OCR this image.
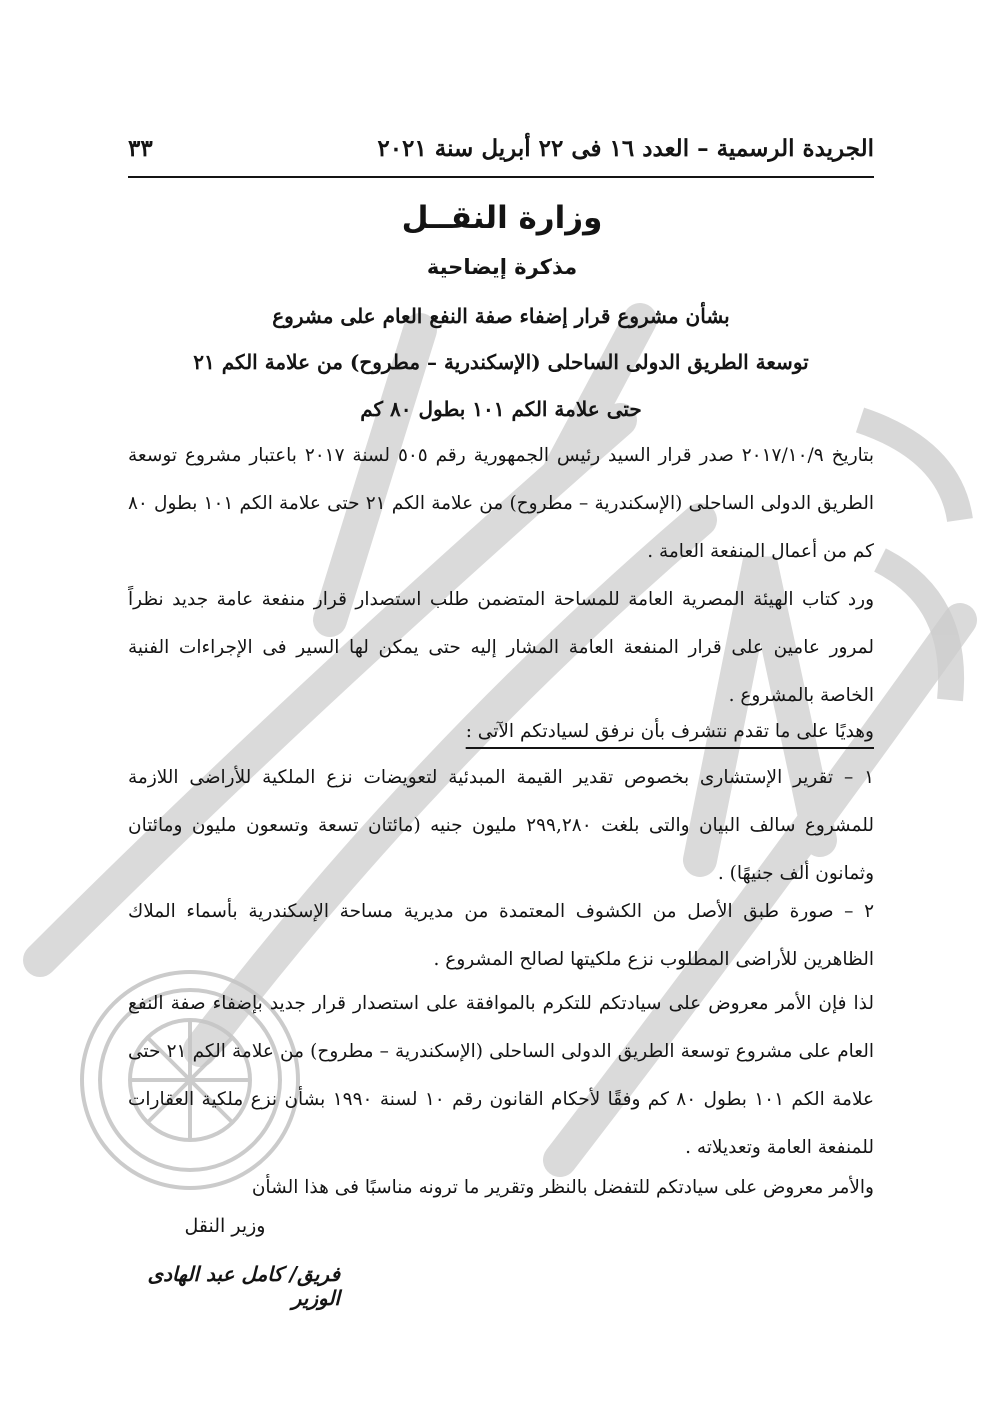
الجريدة الرسمية – العدد ١٦ فى ٢٢ أبريل سنة ٢٠٢١
٣٣
وزارة النقــل
مذكرة إيضاحية
بشأن مشروع قرار إضفاء صفة النفع العام على مشروع
توسعة الطريق الدولى الساحلى (الإسكندرية – مطروح) من علامة الكم ٢١
حتى علامة الكم ١٠١ بطول ٨٠ كم
بتاريخ ٢٠١٧/١٠/٩ صدر قرار السيد رئيس الجمهورية رقم ٥٠٥ لسنة ٢٠١٧ باعتبار مشروع توسعة الطريق الدولى الساحلى (الإسكندرية – مطروح) من علامة الكم ٢١ حتى علامة الكم ١٠١ بطول ٨٠ كم من أعمال المنفعة العامة .
ورد كتاب الهيئة المصرية العامة للمساحة المتضمن طلب استصدار قرار منفعة عامة جديد نظراً لمرور عامين على قرار المنفعة العامة المشار إليه حتى يمكن لها السير فى الإجراءات الفنية الخاصة بالمشروع .
وهديًا على ما تقدم نتشرف بأن نرفق لسيادتكم الآتى :
١ – تقرير الإستشارى بخصوص تقدير القيمة المبدئية لتعويضات نزع الملكية للأراضى اللازمة للمشروع سالف البيان والتى بلغت ٢٩٩,٢٨٠ مليون جنيه (مائتان تسعة وتسعون مليون ومائتان وثمانون ألف جنيهًا) .
٢ – صورة طبق الأصل من الكشوف المعتمدة من مديرية مساحة الإسكندرية بأسماء الملاك الظاهرين للأراضى المطلوب نزع ملكيتها لصالح المشروع .
لذا فإن الأمر معروض على سيادتكم للتكرم بالموافقة على استصدار قرار جديد بإضفاء صفة النفع العام على مشروع توسعة الطريق الدولى الساحلى (الإسكندرية – مطروح) من علامة الكم ٢١ حتى علامة الكم ١٠١ بطول ٨٠ كم وفقًا لأحكام القانون رقم ١٠ لسنة ١٩٩٠ بشأن نزع ملكية العقارات للمنفعة العامة وتعديلاته .
والأمر معروض على سيادتكم للتفضل بالنظر وتقرير ما ترونه مناسبًا فى هذا الشأن
وزير النقل
فريق/ كامل عبد الهادى الوزير
